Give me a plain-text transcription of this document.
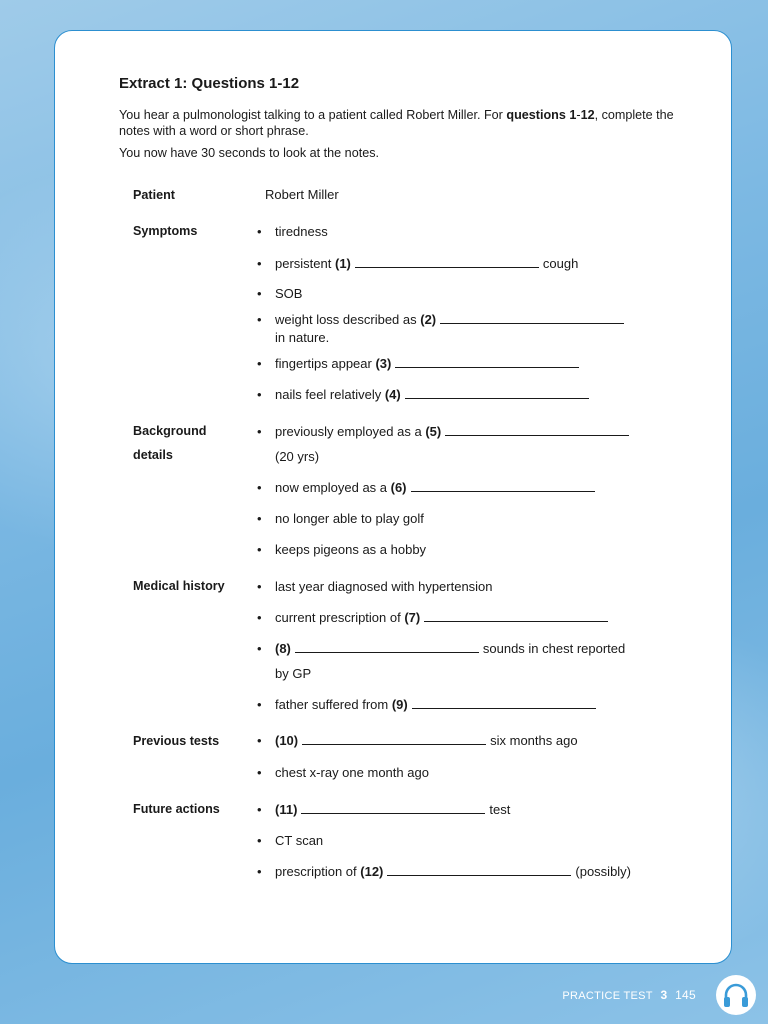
Extract 1: Questions 1-12

You hear a pulmonologist talking to a patient called Robert Miller. For questions 1-12, complete the notes with a word or short phrase.

You now have 30 seconds to look at the notes.

Patient	Robert Miller
Symptoms	• tiredness
• persistent (1)	cough
• SOB
• weight loss described as (2)
in nature.
• fingertips appear (3)
• nails feel relatively (4)
Background
details
• previously employed as a (5)
(20 yrs)
• now employed as a (6)
• no longer able to play golf
• keeps pigeons as a hobby
Medical history • last year diagnosed with hypertension
• current prescription of (7)
• (8)	sounds in chest reported
by GP
• father suffered from (9)
Previous tests	• (10)	six months ago
• chest x-ray one month ago
Future actions	• (11)	test
• CT scan
• prescription of (12)	(possibly)
PRACTICE TEST 3 145
